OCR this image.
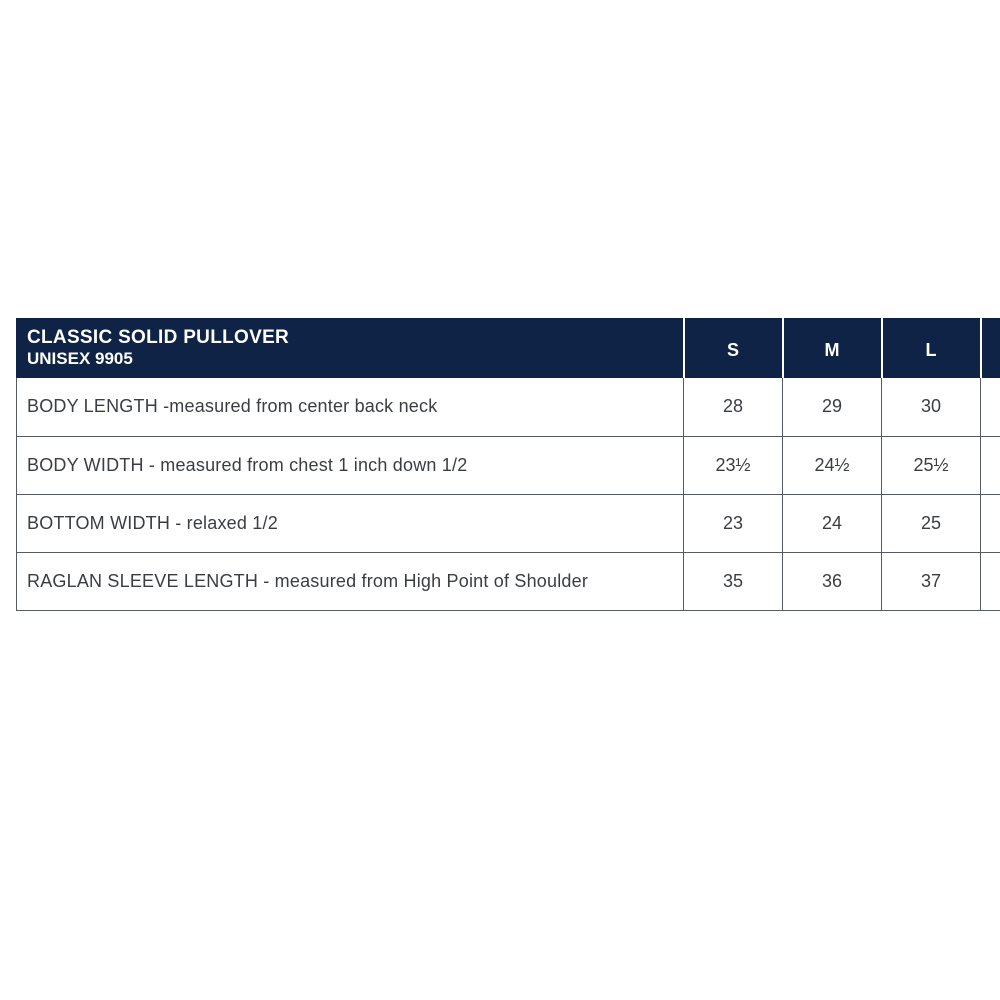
CLASSIC SOLID PULLOVER
UNISEX 9905	S	M	L	
BODY LENGTH -measured from center back neck	28	29	30	
BODY WIDTH - measured from chest 1 inch down 1/2	23½	24½	25½	
BOTTOM WIDTH - relaxed 1/2	23	24	25	
RAGLAN SLEEVE LENGTH - measured from High Point of Shoulder	35	36	37	
